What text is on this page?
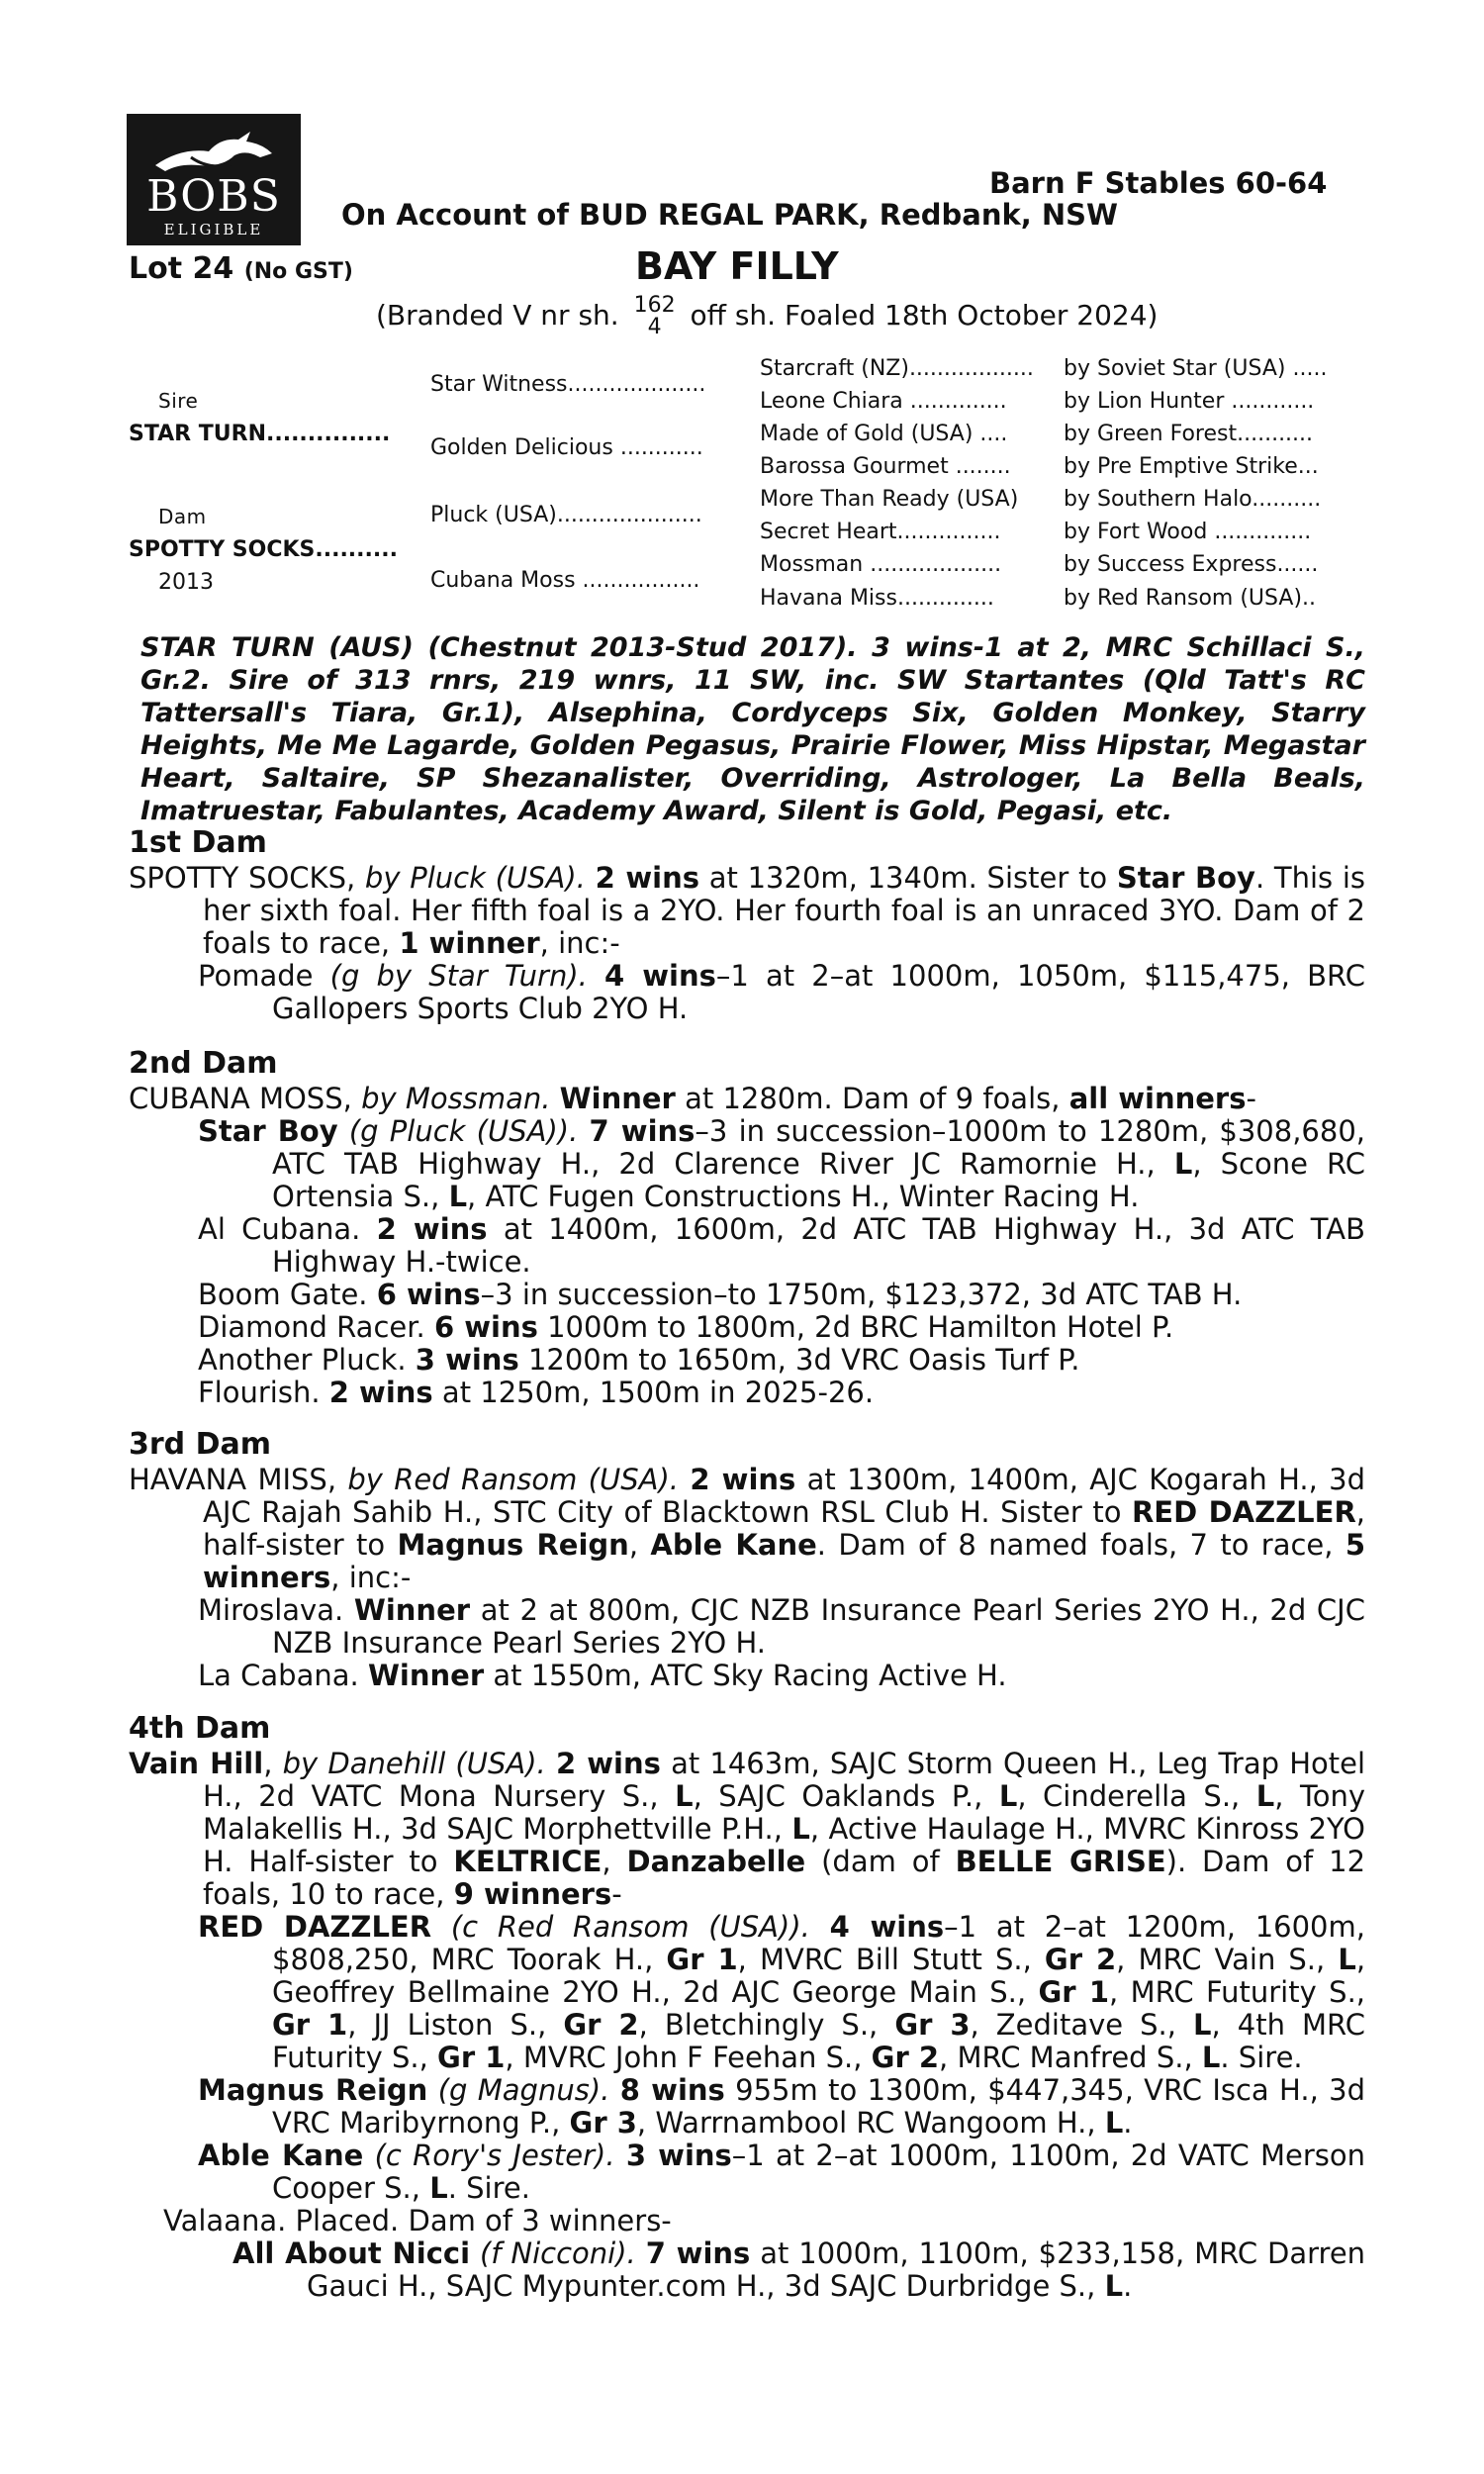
BOBS
ELIGIBLE
Barn F Stables 60-64
On Account of BUD REGAL PARK, Redbank, NSW
Lot 24 (No GST)	BAY FILLY
(Branded V nr sh. 162
4	off sh. Foaled 18th October 2024)
Sire
STAR TURN...............
Dam
SPOTTY SOCKS..........
2013
Star Witness....................
Golden Delicious ............
Pluck (USA).....................
Cubana Moss .................
Starcraft (NZ)..................
Leone Chiara ..............
Made of Gold (USA) ....
Barossa Gourmet ........
More Than Ready (USA)
Secret Heart...............
Mossman ...................
Havana Miss..............
by Soviet Star (USA) .....
by Lion Hunter ............
by Green Forest...........
by Pre Emptive Strike...
by Southern Halo..........
by Fort Wood ..............
by Success Express......
by Red Ransom (USA)..
STAR TURN (AUS) (Chestnut 2013-Stud 2017). 3 wins-1 at 2, MRC Schillaci S., Gr.2. Sire of 313 rnrs, 219 wnrs, 11 SW, inc. SW Startantes (Qld Tatt's RC Tattersall's Tiara, Gr.1), Alsephina, Cordyceps Six, Golden Monkey, Starry Heights, Me Me Lagarde, Golden Pegasus, Prairie Flower, Miss Hipstar, Megastar Heart, Saltaire, SP Shezanalister, Overriding, Astrologer, La Bella Beals, Imatruestar, Fabulantes, Academy Award, Silent is Gold, Pegasi, etc.
1st Dam
SPOTTY SOCKS, by Pluck (USA). 2 wins at 1320m, 1340m. Sister to Star Boy. This is her sixth foal. Her fifth foal is a 2YO. Her fourth foal is an unraced 3YO. Dam of 2 foals to race, 1 winner, inc:-
Pomade (g by Star Turn). 4 wins–1 at 2–at 1000m, 1050m, $115,475, BRC Gallopers Sports Club 2YO H.
2nd Dam
CUBANA MOSS, by Mossman. Winner at 1280m. Dam of 9 foals, all winners-
Star Boy (g Pluck (USA)). 7 wins–3 in succession–1000m to 1280m, $308,680, ATC TAB Highway H., 2d Clarence River JC Ramornie H., L, Scone RC Ortensia S., L, ATC Fugen Constructions H., Winter Racing H.
Al Cubana. 2 wins at 1400m, 1600m, 2d ATC TAB Highway H., 3d ATC TAB Highway H.-twice.
Boom Gate. 6 wins–3 in succession–to 1750m, $123,372, 3d ATC TAB H.
Diamond Racer. 6 wins 1000m to 1800m, 2d BRC Hamilton Hotel P.
Another Pluck. 3 wins 1200m to 1650m, 3d VRC Oasis Turf P.
Flourish. 2 wins at 1250m, 1500m in 2025-26.
3rd Dam
HAVANA MISS, by Red Ransom (USA). 2 wins at 1300m, 1400m, AJC Kogarah H., 3d AJC Rajah Sahib H., STC City of Blacktown RSL Club H. Sister to RED DAZZLER, half-sister to Magnus Reign, Able Kane. Dam of 8 named foals, 7 to race, 5 winners, inc:-
Miroslava. Winner at 2 at 800m, CJC NZB Insurance Pearl Series 2YO H., 2d CJC NZB Insurance Pearl Series 2YO H.
La Cabana. Winner at 1550m, ATC Sky Racing Active H.
4th Dam
Vain Hill, by Danehill (USA). 2 wins at 1463m, SAJC Storm Queen H., Leg Trap Hotel H., 2d VATC Mona Nursery S., L, SAJC Oaklands P., L, Cinderella S., L, Tony Malakellis H., 3d SAJC Morphettville P.H., L, Active Haulage H., MVRC Kinross 2YO H. Half-sister to KELTRICE, Danzabelle (dam of BELLE GRISE). Dam of 12 foals, 10 to race, 9 winners-
RED DAZZLER (c Red Ransom (USA)). 4 wins–1 at 2–at 1200m, 1600m, $808,250, MRC Toorak H., Gr 1, MVRC Bill Stutt S., Gr 2, MRC Vain S., L, Geoffrey Bellmaine 2YO H., 2d AJC George Main S., Gr 1, MRC Futurity S., Gr 1, JJ Liston S., Gr 2, Bletchingly S., Gr 3, Zeditave S., L, 4th MRC Futurity S., Gr 1, MVRC John F Feehan S., Gr 2, MRC Manfred S., L. Sire.
Magnus Reign (g Magnus). 8 wins 955m to 1300m, $447,345, VRC Isca H., 3d VRC Maribyrnong P., Gr 3, Warrnambool RC Wangoom H., L.
Able Kane (c Rory's Jester). 3 wins–1 at 2–at 1000m, 1100m, 2d VATC Merson Cooper S., L. Sire.
Valaana. Placed. Dam of 3 winners-
All About Nicci (f Nicconi). 7 wins at 1000m, 1100m, $233,158, MRC Darren Gauci H., SAJC Mypunter.com H., 3d SAJC Durbridge S., L.
